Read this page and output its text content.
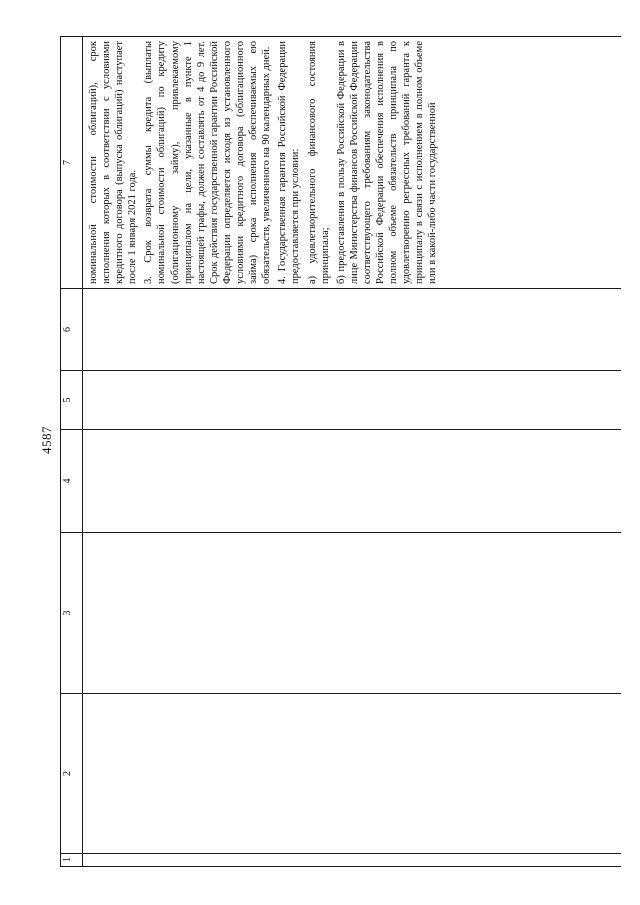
4587
1	2	3	4	5	6	7

						номинальной стоимости облигаций), срок исполнения которых в соответствии с условиями кредитного договора (выпуска облигаций) наступает после 1 января 2021 года. 3. Срок возврата суммы кредита (выплаты номинальной стоимости облигаций) по кредиту (облигационному займу), привлекаемому принципалом на цели, указанные в пункте 1 настоящей графы, должен составлять от 4 до 9 лет. Срок действия государственной гарантии Российской Федерации определяется исходя из установленного условиями кредитного договора (облигационного займа) срока исполнения обеспечиваемых ею обязательств, увеличенного на 90 календарных дней. 4. Государственная гарантия Российской Федерации предоставляется при условии: а) удовлетворительного финансового состояния принципала; б) предоставления в пользу Российской Федерации в лице Министерства финансов Российской Федерации соответствующего требованиям законодательства Российской Федерации обеспечения исполнения в полном объеме обязательств принципала по удовлетворению регрессных требований гаранта к принципалу в связи с исполнением в полном объеме или в какой-либо части государственной
